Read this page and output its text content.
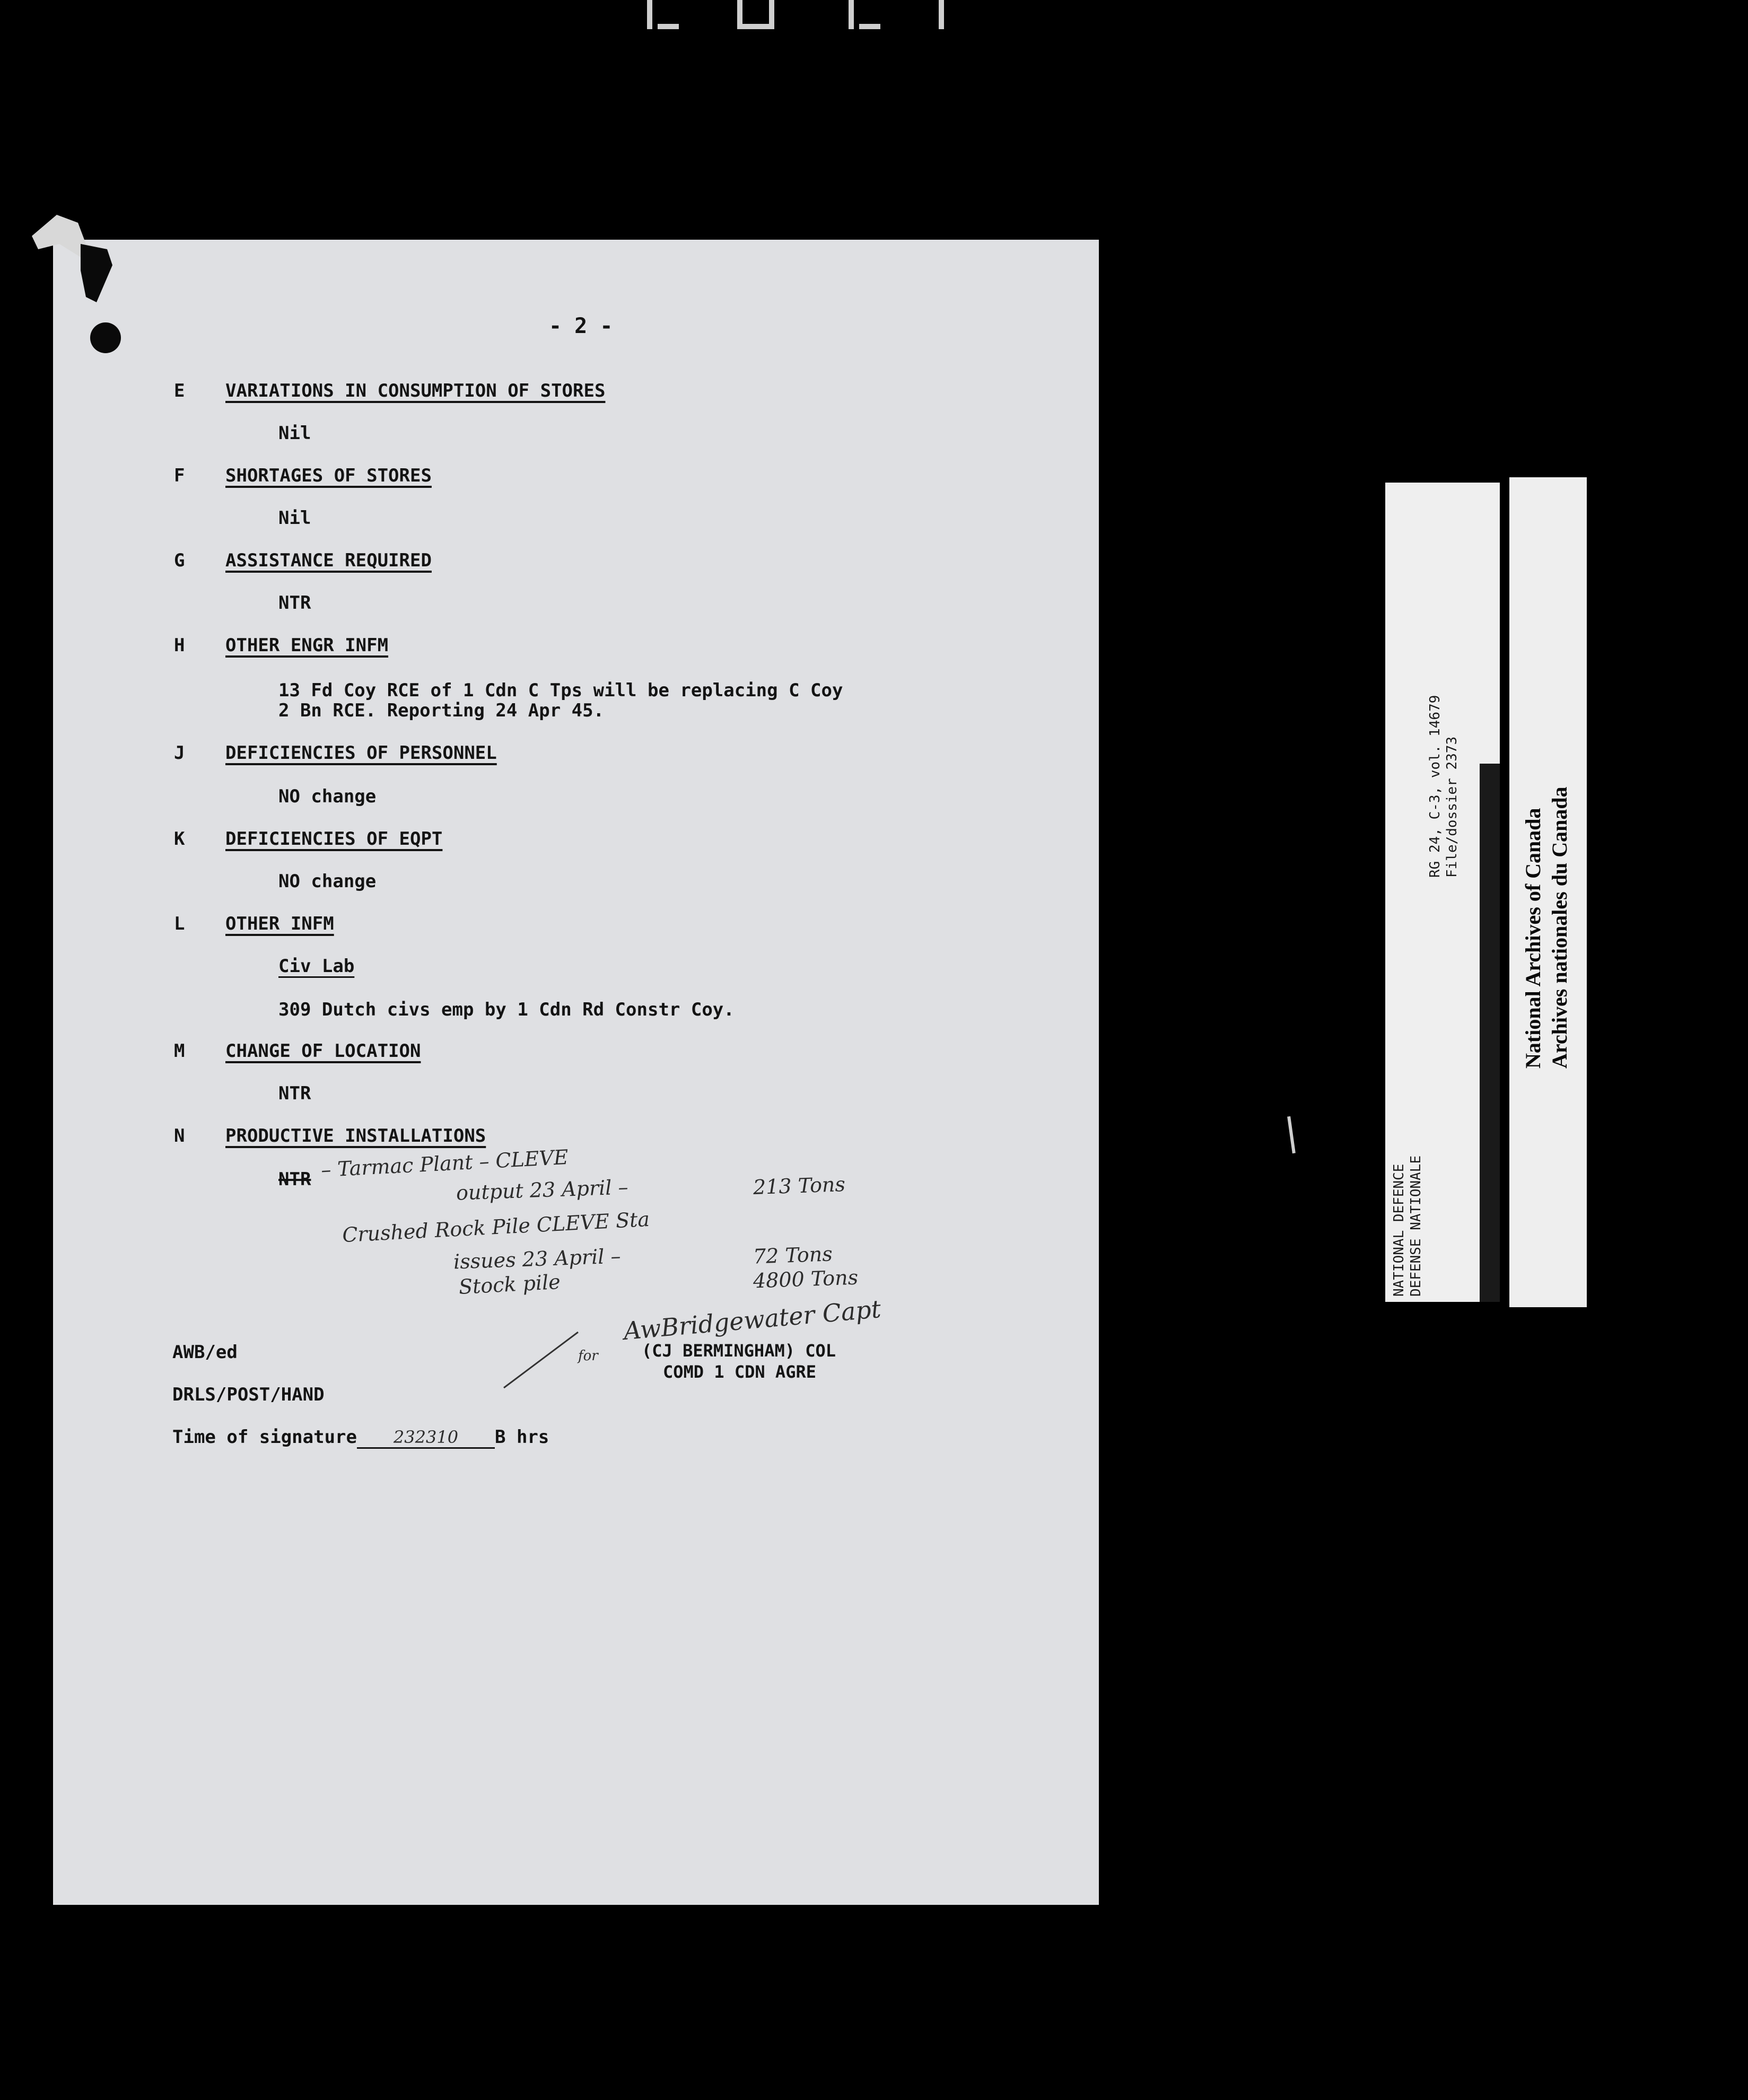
- 2 -
E VARIATIONS IN CONSUMPTION OF STORES
Nil
F SHORTAGES OF STORES
Nil
G ASSISTANCE REQUIRED
NTR
H OTHER ENGR INFM
13 Fd Coy RCE of 1 Cdn C Tps will be replacing C Coy
2 Bn RCE. Reporting 24 Apr 45.
J DEFICIENCIES OF PERSONNEL
NO change
K DEFICIENCIES OF EQPT
NO change
L OTHER INFM
Civ Lab
309 Dutch civs emp by 1 Cdn Rd Constr Coy.
M CHANGE OF LOCATION
NTR
N PRODUCTIVE INSTALLATIONS
NTR – Tarmac Plant – CLEVE
output 23 April –	213 Tons
Crushed Rock Pile CLEVE Sta
issues 23 April –	72 Tons
Stock pile	4800 Tons
AwBridgewater Capt
for	(CJ BERMINGHAM) COL
COMD 1 CDN AGRE
AWB/ed
DRLS/POST/HAND
Time of signature 232310 B hrs
RG 24, C-3, vol. 14679 File/dossier 2373
NATIONAL DEFENCE DEFENSE NATIONALE
National Archives of Canada Archives nationales du Canada
